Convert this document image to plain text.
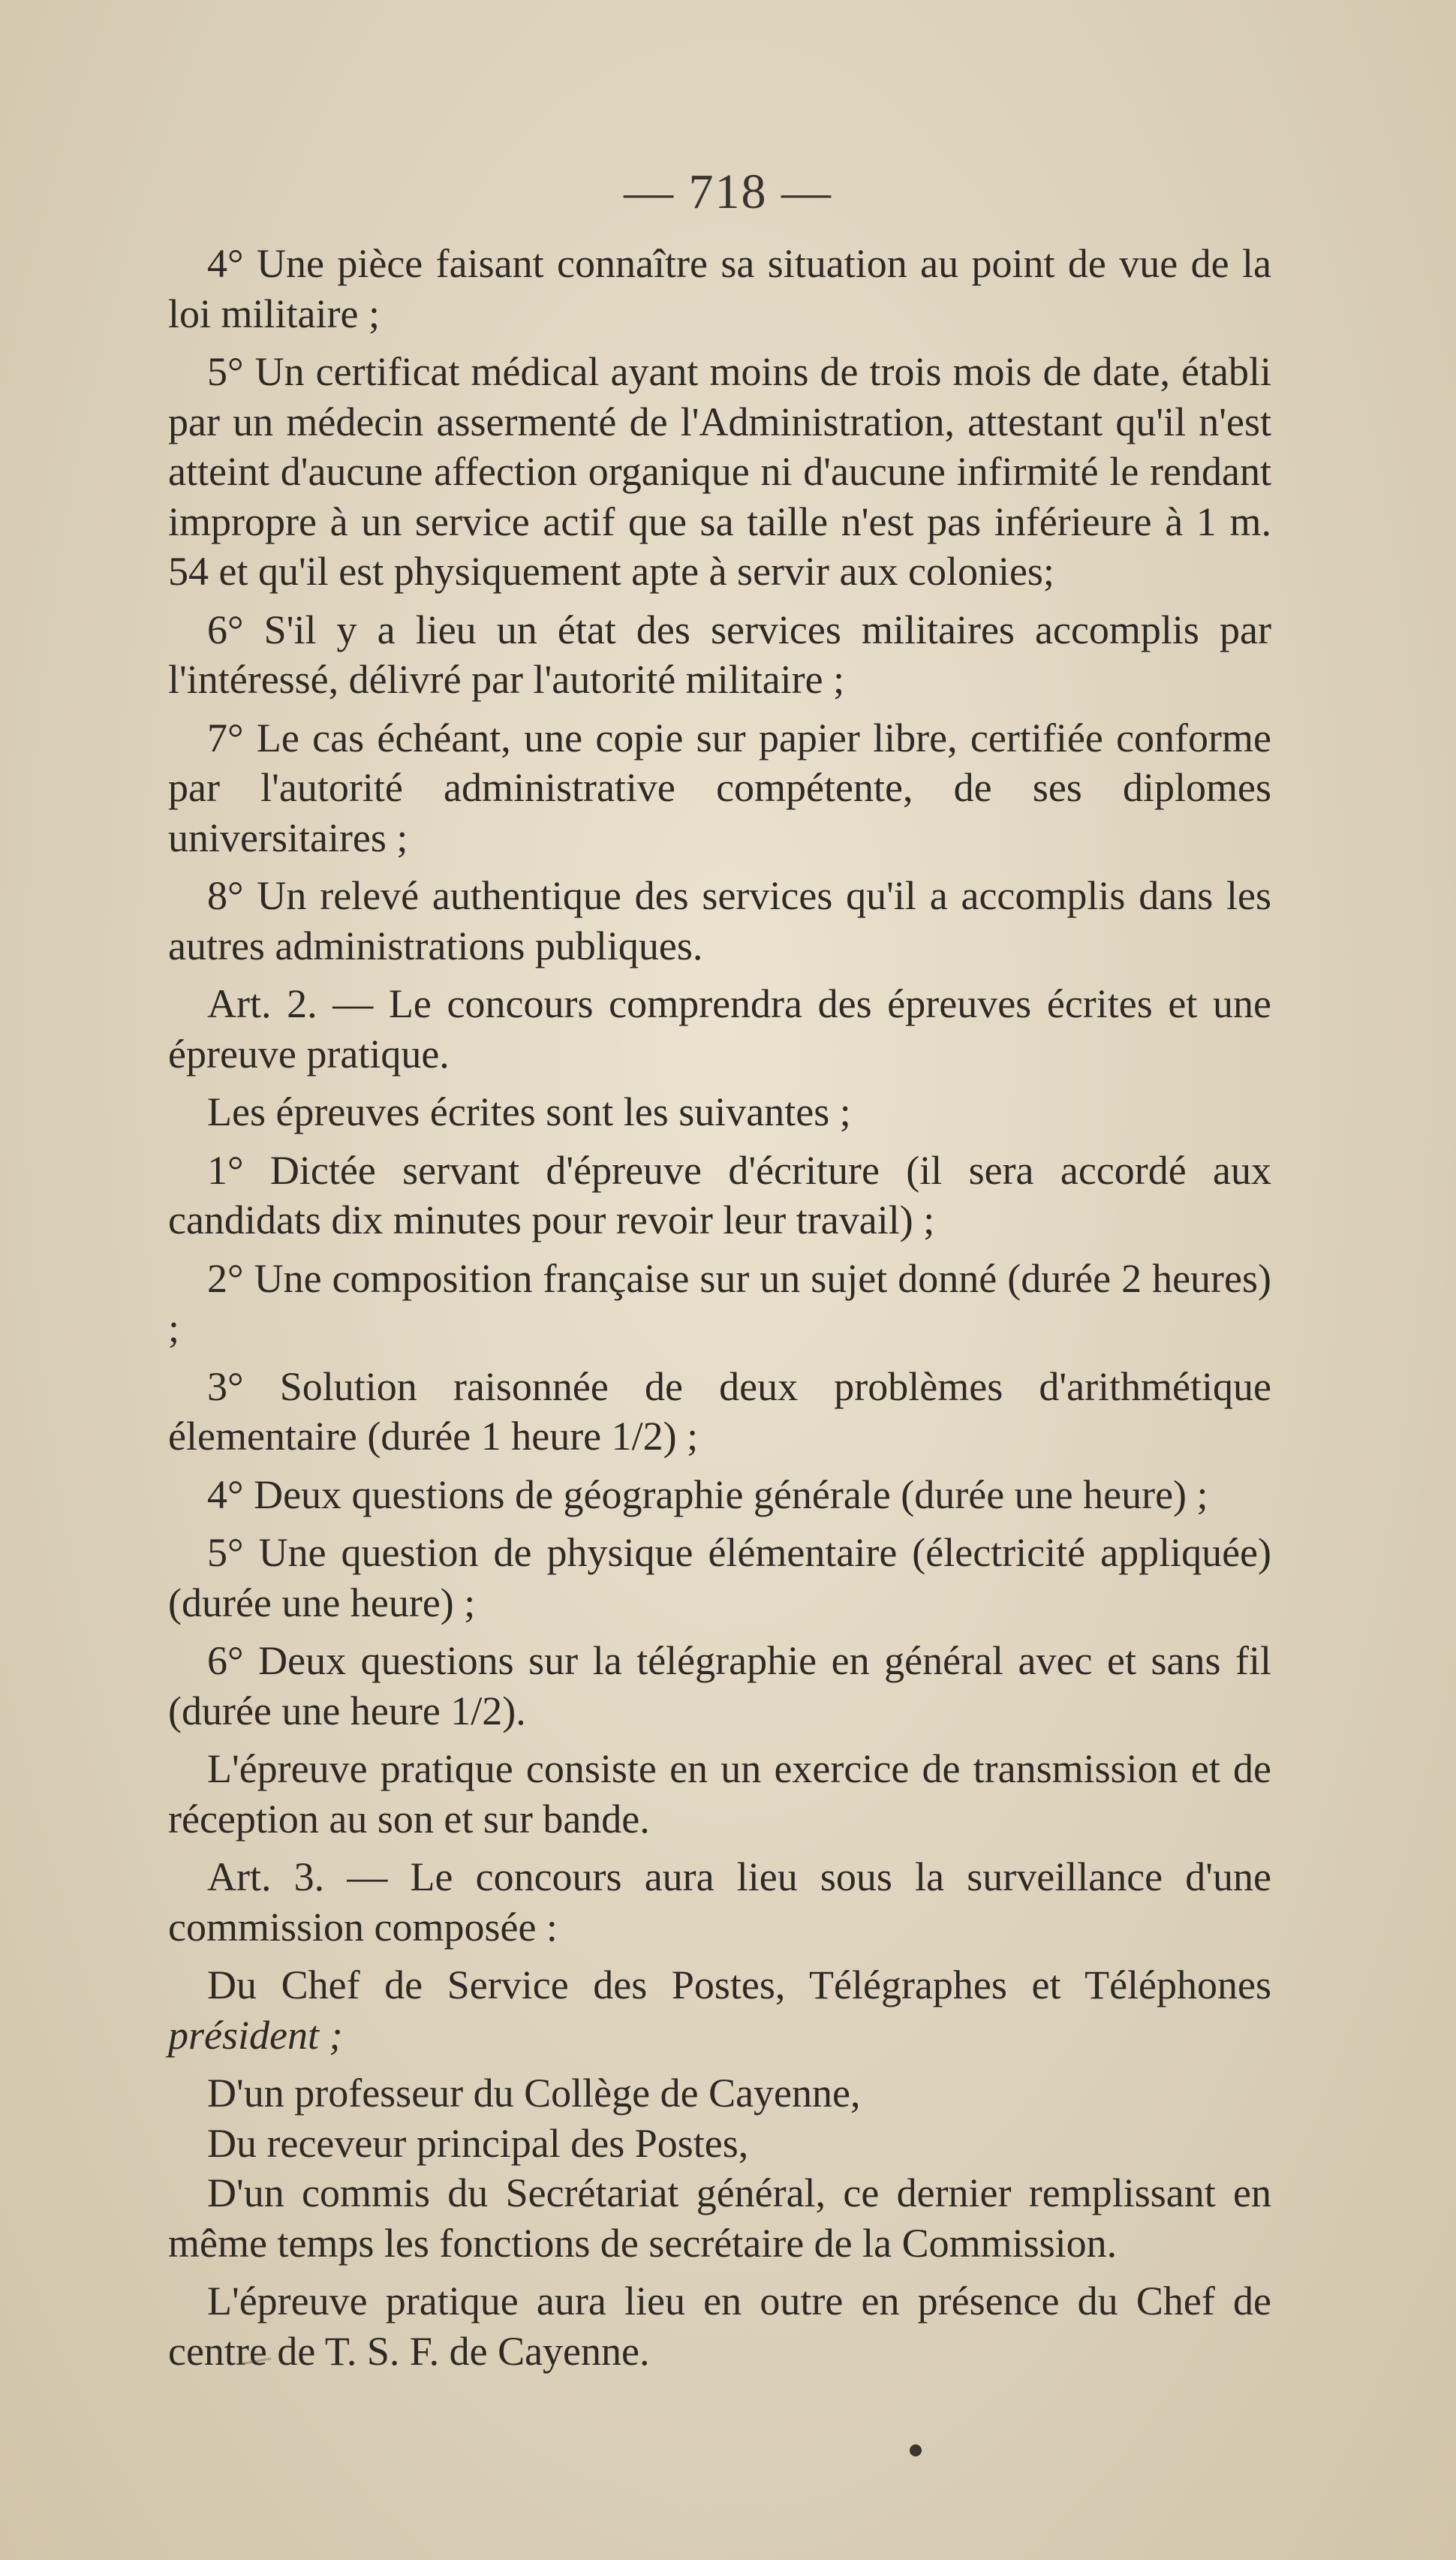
— 718 —

4° Une pièce faisant connaître sa situation au point de vue de la loi militaire ;

5° Un certificat médical ayant moins de trois mois de date, établi par un médecin assermenté de l'Administration, attestant qu'il n'est atteint d'aucune affection organique ni d'aucune infirmité le rendant impropre à un service actif que sa taille n'est pas inférieure à 1 m. 54 et qu'il est physiquement apte à servir aux colonies;

6° S'il y a lieu un état des services militaires accomplis par l'intéressé, délivré par l'autorité militaire ;

7° Le cas échéant, une copie sur papier libre, certifiée conforme par l'autorité administrative compétente, de ses diplomes universitaires ;

8° Un relevé authentique des services qu'il a accomplis dans les autres administrations publiques.

Art. 2. — Le concours comprendra des épreuves écrites et une épreuve pratique.

Les épreuves écrites sont les suivantes ;

1° Dictée servant d'épreuve d'écriture (il sera accordé aux candidats dix minutes pour revoir leur travail) ;

2° Une composition française sur un sujet donné (durée 2 heures) ;

3° Solution raisonnée de deux problèmes d'arithmétique élementaire (durée 1 heure 1/2) ;

4° Deux questions de géographie générale (durée une heure) ;

5° Une question de physique élémentaire (électricité appliquée) (durée une heure) ;

6° Deux questions sur la télégraphie en général avec et sans fil (durée une heure 1/2).

L'épreuve pratique consiste en un exercice de transmission et de réception au son et sur bande.

Art. 3. — Le concours aura lieu sous la surveillance d'une commission composée :

Du Chef de Service des Postes, Télégraphes et Téléphones président ;

D'un professeur du Collège de Cayenne,

Du receveur principal des Postes,

D'un commis du Secrétariat général, ce dernier remplissant en même temps les fonctions de secrétaire de la Commission.

L'épreuve pratique aura lieu en outre en présence du Chef de centre de T. S. F. de Cayenne.
